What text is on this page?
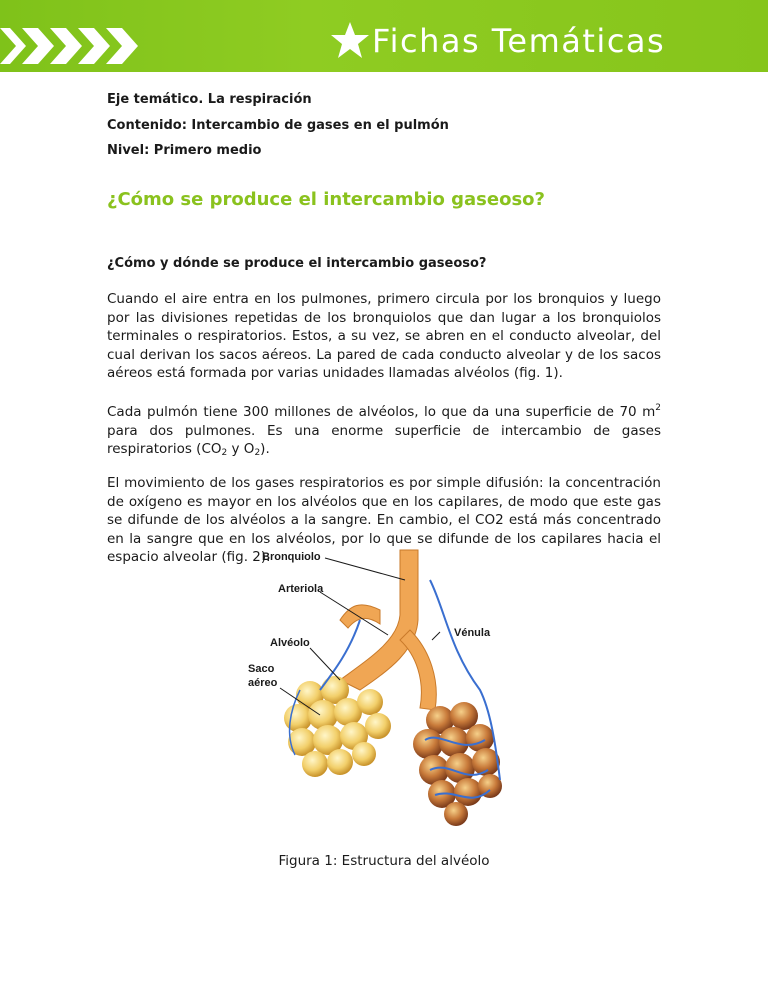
Fichas Temáticas
Eje temático. La respiración
Contenido: Intercambio de gases en el pulmón
Nivel: Primero medio
¿Cómo se produce el intercambio gaseoso?
¿Cómo y dónde se produce el intercambio gaseoso?

Cuando el aire entra en los pulmones, primero circula por los bronquios y luego por las divisiones repetidas de los bronquiolos que dan lugar a los bronquiolos terminales o respiratorios. Estos, a su vez, se abren en el conducto alveolar, del cual derivan los sacos aéreos. La pared de cada conducto alveolar y de los sacos aéreos está formada por varias unidades llamadas alvéolos (fig. 1).

Cada pulmón tiene 300 millones de alvéolos, lo que da una superficie de 70 $m^2$ para dos pulmones. Es una enorme superficie de intercambio de gases respiratorios ($CO_2$ y $O_2$).

El movimiento de los gases respiratorios es por simple difusión: la concentración de oxígeno es mayor en los alvéolos que en los capilares, de modo que este gas se difunde de los alvéolos a la sangre. En cambio, el CO2 está más concentrado en la sangre que en los alvéolos, por lo que se difunde de los capilares hacia el espacio alveolar (fig. 2).

Bronquiolo
Arteriola
Vénula
Alvéolo
Saco
aéreo
Figura 1: Estructura del alvéolo
